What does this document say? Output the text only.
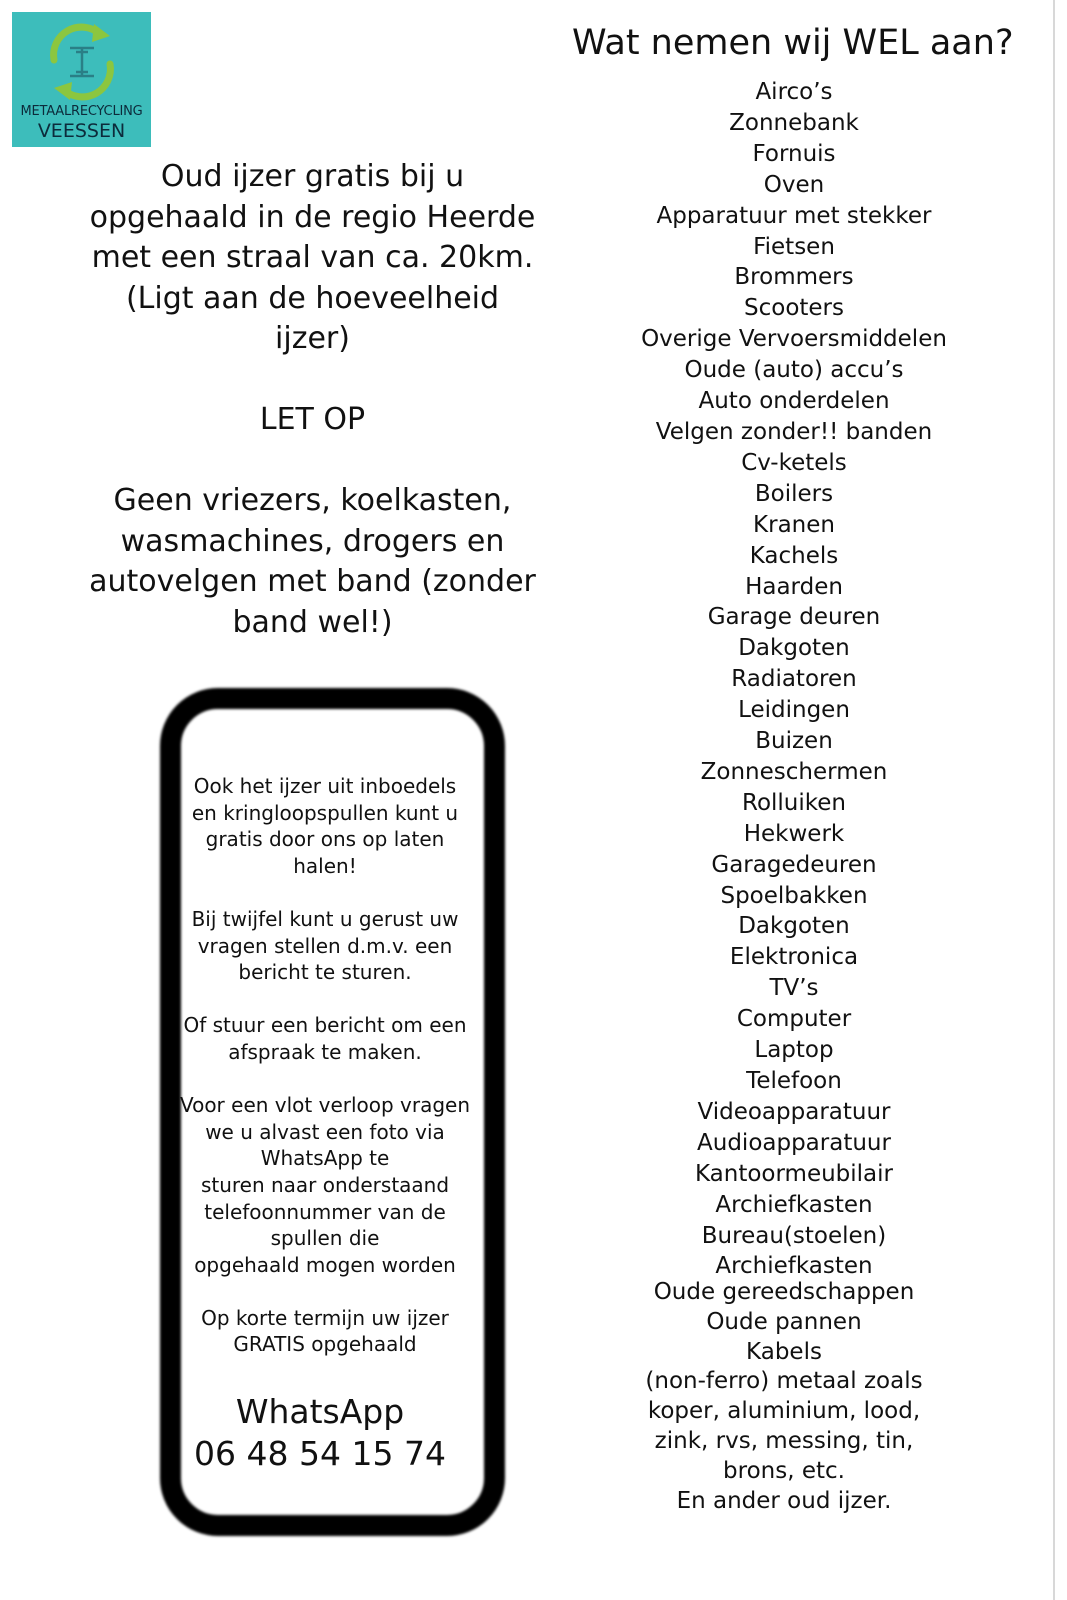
METAALRECYCLING
VEESSEN

Oud ijzer gratis bij u

opgehaald in de regio Heerde

met een straal van ca. 20km.

(Ligt aan de hoeveelheid

ijzer)

LET OP

Geen vriezers, koelkasten,

wasmachines, drogers en

autovelgen met band (zonder

band wel!)

Ook het ijzer uit inboedels

en kringloopspullen kunt u

gratis door ons op laten

halen!

Bij twijfel kunt u gerust uw

vragen stellen d.m.v. een

bericht te sturen.

Of stuur een bericht om een

afspraak te maken.

Voor een vlot verloop vragen

we u alvast een foto via

WhatsApp te

sturen naar onderstaand

telefoonnummer van de

spullen die

opgehaald mogen worden

Op korte termijn uw ijzer

GRATIS opgehaald

WhatsApp
06 48 54 15 74
Wat nemen wij WEL aan?
Airco’s
Zonnebank
Fornuis
Oven
Apparatuur met stekker
Fietsen
Brommers
Scooters
Overige Vervoersmiddelen
Oude (auto) accu’s
Auto onderdelen
Velgen zonder!! banden
Cv-ketels
Boilers
Kranen
Kachels
Haarden
Garage deuren
Dakgoten
Radiatoren
Leidingen
Buizen
Zonneschermen
Rolluiken
Hekwerk
Garagedeuren
Spoelbakken
Dakgoten
Elektronica
TV’s
Computer
Laptop
Telefoon
Videoapparatuur
Audioapparatuur
Kantoormeubilair
Archiefkasten
Bureau(stoelen)
Archiefkasten
Oude gereedschappen
Oude pannen
Kabels
(non-ferro) metaal zoals
koper, aluminium, lood,
zink, rvs, messing, tin,
brons, etc.
En ander oud ijzer.
